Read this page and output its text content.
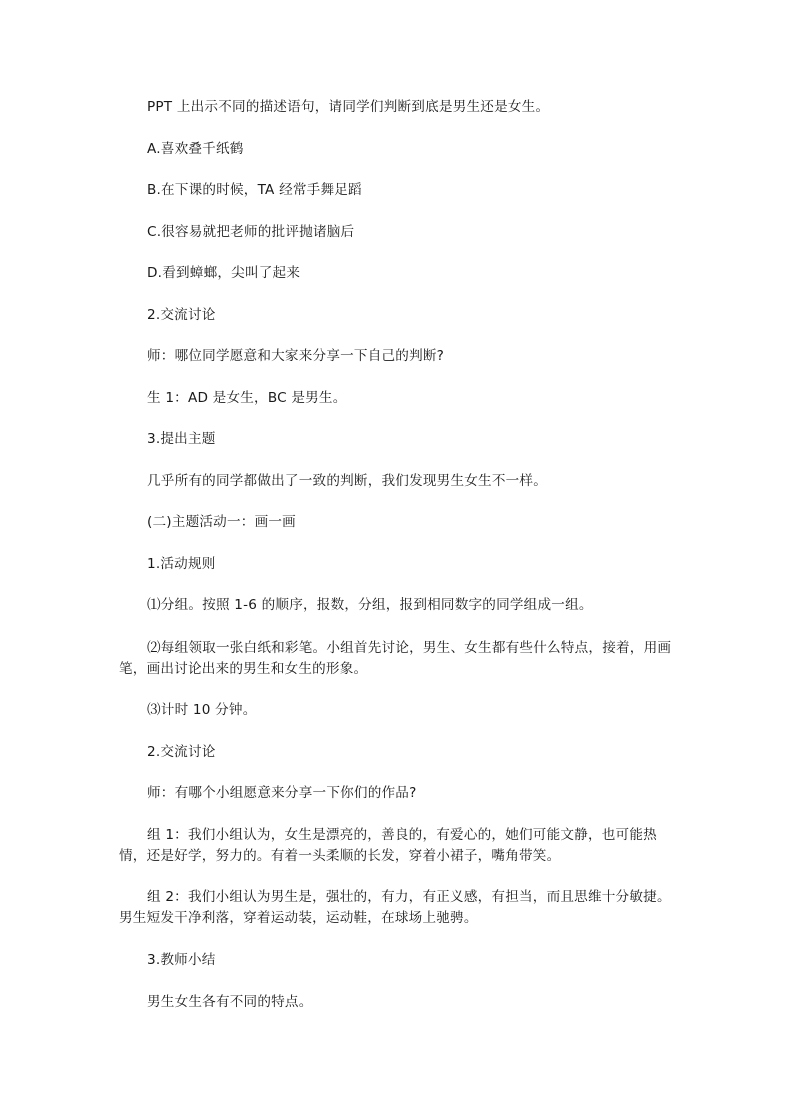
PPT 上出示不同的描述语句，请同学们判断到底是男生还是女生。

A.喜欢叠千纸鹤

B.在下课的时候，TA 经常手舞足蹈

C.很容易就把老师的批评抛诸脑后

D.看到蟑螂，尖叫了起来

2.交流讨论

师：哪位同学愿意和大家来分享一下自己的判断?

生 1：AD 是女生，BC 是男生。

3.提出主题

几乎所有的同学都做出了一致的判断，我们发现男生女生不一样。

(二)主题活动一：画一画

1.活动规则

⑴分组。按照 1-6 的顺序，报数，分组，报到相同数字的同学组成一组。

⑵每组领取一张白纸和彩笔。小组首先讨论，男生、女生都有些什么特点，接着，用画笔，画出讨论出来的男生和女生的形象。

⑶计时 10 分钟。

2.交流讨论

师：有哪个小组愿意来分享一下你们的作品?

组 1：我们小组认为，女生是漂亮的，善良的，有爱心的，她们可能文静，也可能热情，还是好学，努力的。有着一头柔顺的长发，穿着小裙子，嘴角带笑。

组 2：我们小组认为男生是，强壮的，有力，有正义感，有担当，而且思维十分敏捷。男生短发干净利落，穿着运动装，运动鞋，在球场上驰骋。

3.教师小结

男生女生各有不同的特点。
